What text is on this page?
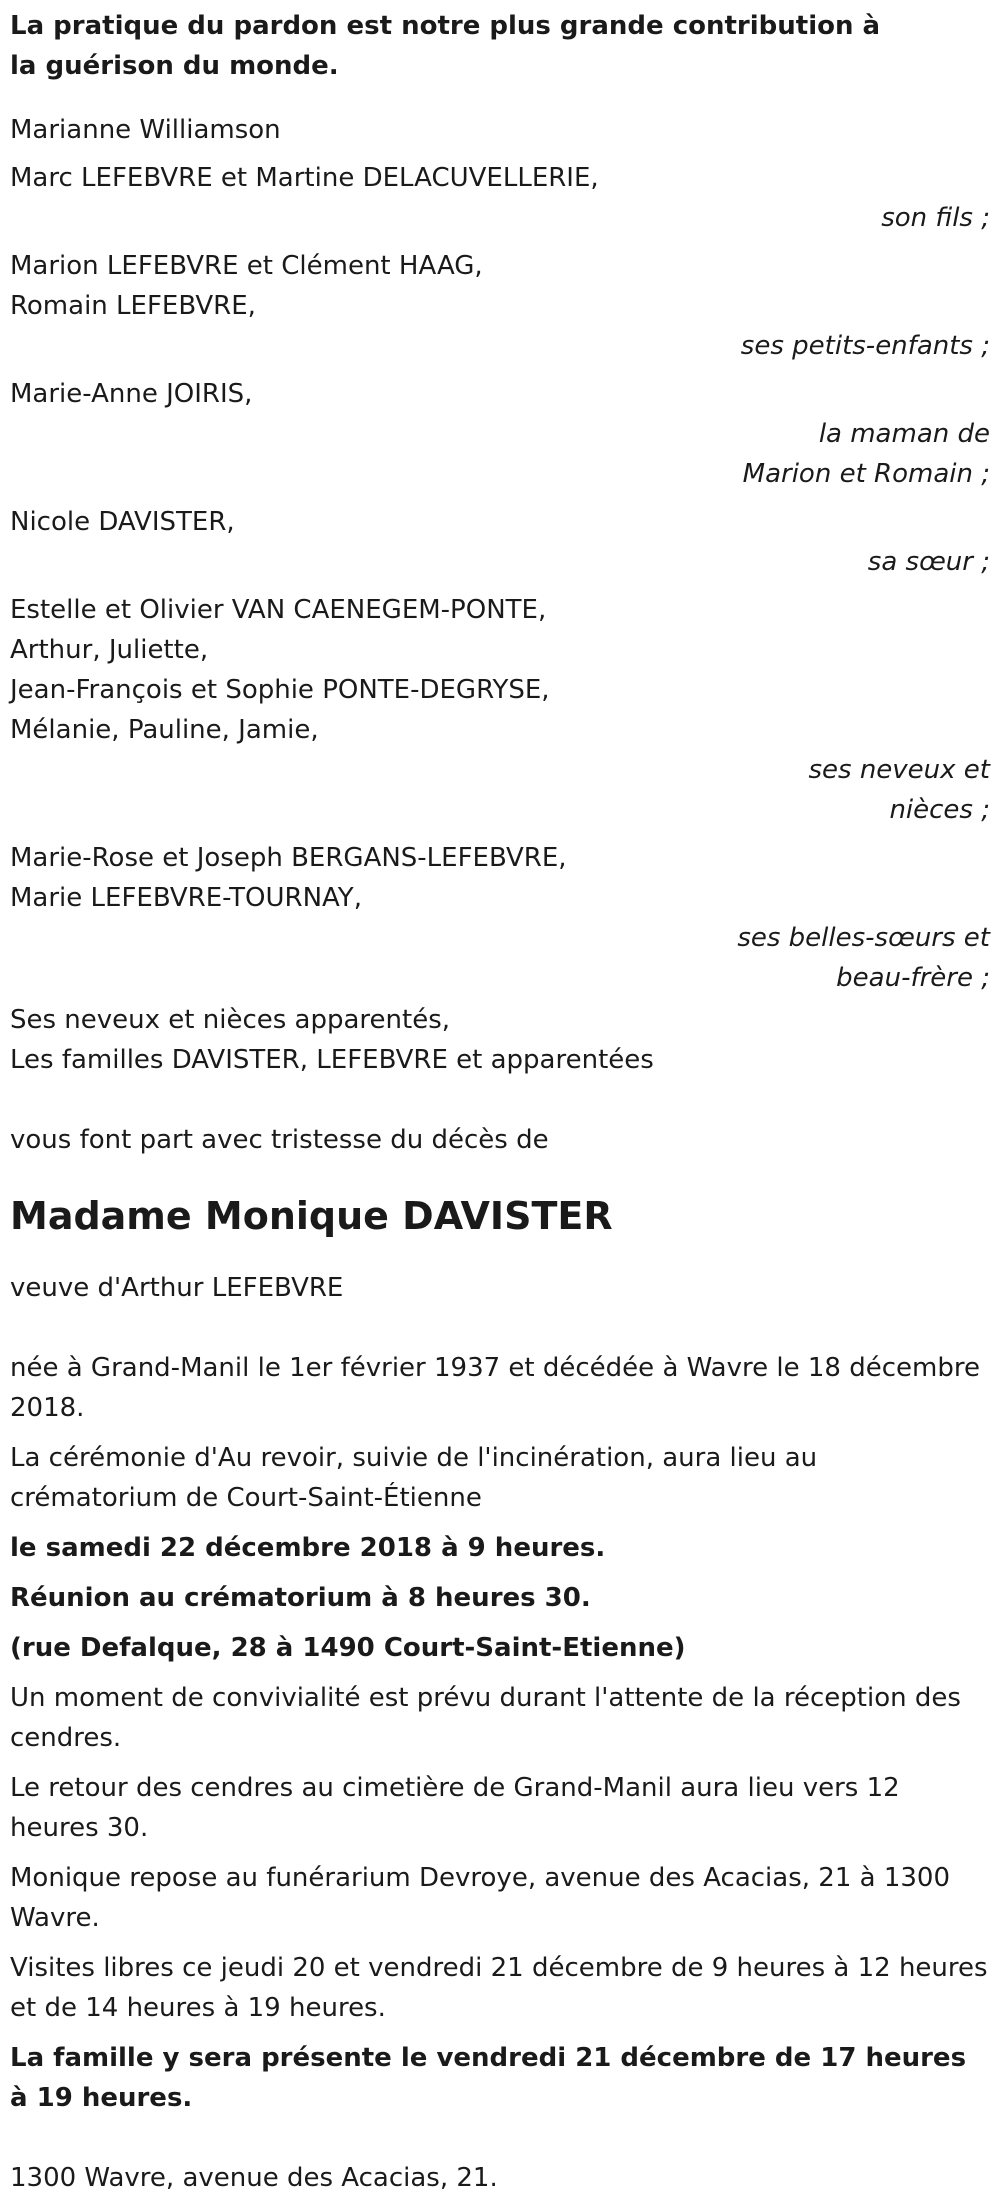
La pratique du pardon est notre plus grande contribution à la guérison du monde.

Marianne Williamson

Marc LEFEBVRE et Martine DELACUVELLERIE,

son fils ;

Marion LEFEBVRE et Clément HAAG,

Romain LEFEBVRE,

ses petits-enfants ;

Marie-Anne JOIRIS,

la maman de

Marion et Romain ;

Nicole DAVISTER,

sa sœur ;

Estelle et Olivier VAN CAENEGEM-PONTE,

Arthur, Juliette,

Jean-François et Sophie PONTE-DEGRYSE,

Mélanie, Pauline, Jamie,

ses neveux et

nièces ;

Marie-Rose et Joseph BERGANS-LEFEBVRE,

Marie LEFEBVRE-TOURNAY,

ses belles-sœurs et

beau-frère ;

Ses neveux et nièces apparentés,

Les familles DAVISTER, LEFEBVRE et apparentées

vous font part avec tristesse du décès de

Madame Monique DAVISTER

veuve d'Arthur LEFEBVRE

née à Grand-Manil le 1er février 1937 et décédée à Wavre le 18 décembre 2018.

La cérémonie d'Au revoir, suivie de l'incinération, aura lieu au crématorium de Court-Saint-Étienne

le samedi 22 décembre 2018 à 9 heures.

Réunion au crématorium à 8 heures 30.

(rue Defalque, 28 à 1490 Court-Saint-Etienne)

Un moment de convivialité est prévu durant l'attente de la réception des cendres.

Le retour des cendres au cimetière de Grand-Manil aura lieu vers 12 heures 30.

Monique repose au funérarium Devroye, avenue des Acacias, 21 à 1300 Wavre.

Visites libres ce jeudi 20 et vendredi 21 décembre de 9 heures à 12 heures et de 14 heures à 19 heures.

La famille y sera présente le vendredi 21 décembre de 17 heures à 19 heures.

1300 Wavre, avenue des Acacias, 21.
